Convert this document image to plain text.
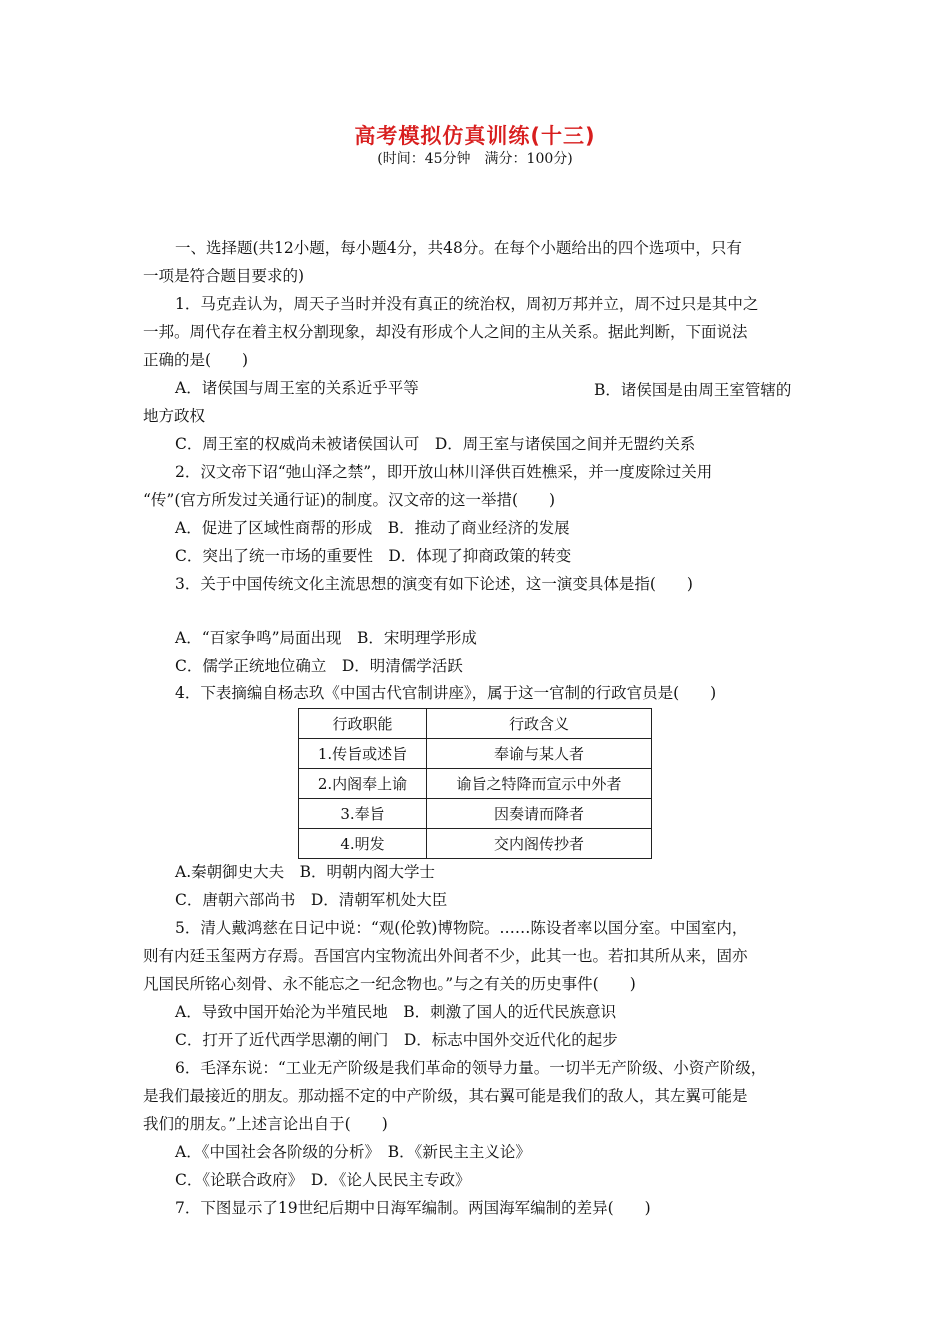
高考模拟仿真训练(十三)
(时间：45分钟　满分：100分)
一、选择题(共12小题，每小题4分，共48分。在每个小题给出的四个选项中，只有
一项是符合题目要求的)
1．马克垚认为，周天子当时并没有真正的统治权，周初万邦并立，周不过只是其中之
一邦。周代存在着主权分割现象，却没有形成个人之间的主从关系。据此判断，下面说法
正确的是(　　)
A．诸侯国与周王室的关系近乎平等	B．诸侯国是由周王室管辖的
地方政权
C．周王室的权威尚未被诸侯国认可　D．周王室与诸侯国之间并无盟约关系
2．汉文帝下诏“弛山泽之禁”，即开放山林川泽供百姓樵采，并一度废除过关用
“传”(官方所发过关通行证)的制度。汉文帝的这一举措(　　)
A．促进了区域性商帮的形成　B．推动了商业经济的发展
C．突出了统一市场的重要性　D．体现了抑商政策的转变
3．关于中国传统文化主流思想的演变有如下论述，这一演变具体是指(　　)
A．“百家争鸣”局面出现　B．宋明理学形成
C．儒学正统地位确立　D．明清儒学活跃
4．下表摘编自杨志玖《中国古代官制讲座》，属于这一官制的行政官员是(　　)
行政职能	行政含义
1.传旨或述旨	奉谕与某人者
2.内阁奉上谕	谕旨之特降而宣示中外者
3.奉旨	因奏请而降者
4.明发	交内阁传抄者
A.秦朝御史大夫　B．明朝内阁大学士
C．唐朝六部尚书　D．清朝军机处大臣
5．清人戴鸿慈在日记中说：“观(伦敦)博物院。……陈设者率以国分室。中国室内，
则有内廷玉玺两方存焉。吾国宫内宝物流出外间者不少，此其一也。若扣其所从来，固亦
凡国民所铭心刻骨、永不能忘之一纪念物也。”与之有关的历史事件(　　)
A．导致中国开始沦为半殖民地　B．刺激了国人的近代民族意识
C．打开了近代西学思潮的闸门　D．标志中国外交近代化的起步
6．毛泽东说：“工业无产阶级是我们革命的领导力量。一切半无产阶级、小资产阶级，
是我们最接近的朋友。那动摇不定的中产阶级，其右翼可能是我们的敌人，其左翼可能是
我们的朋友。”上述言论出自于(　　)
A．《中国社会各阶级的分析》　B．《新民主主义论》
C．《论联合政府》　D．《论人民民主专政》
7．下图显示了19世纪后期中日海军编制。两国海军编制的差异(　　)
